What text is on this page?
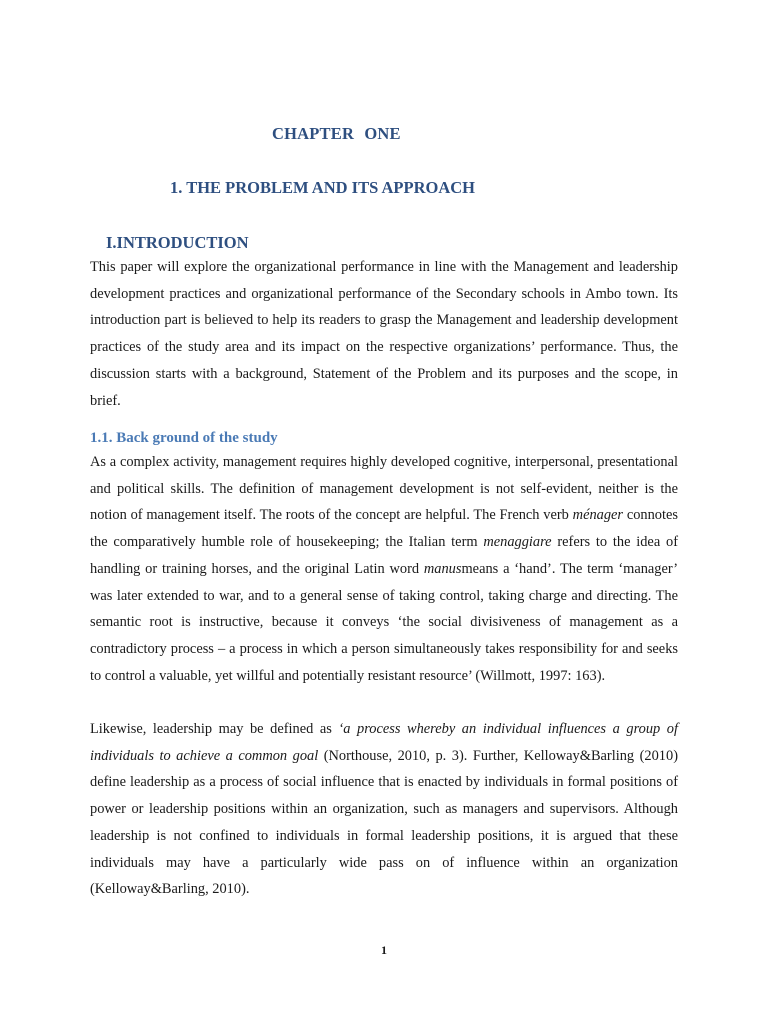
CHAPTER ONE
1. THE PROBLEM AND ITS APPROACH
I.INTRODUCTION

This paper will explore the organizational performance in line with the Management and leadership development practices and organizational performance of the Secondary schools in Ambo town. Its introduction part is believed to help its readers to grasp the Management and leadership development practices of the study area and its impact on the respective organizations’ performance. Thus, the discussion starts with a background, Statement of the Problem and its purposes and the scope, in brief.

1.1. Back ground of the study

As a complex activity, management requires highly developed cognitive, interpersonal, presentational and political skills. The definition of management development is not self-evident, neither is the notion of management itself. The roots of the concept are helpful. The French verb ménager connotes the comparatively humble role of housekeeping; the Italian term menaggiare refers to the idea of handling or training horses, and the original Latin word manusmeans a ‘hand’. The term ‘manager’ was later extended to war, and to a general sense of taking control, taking charge and directing. The semantic root is instructive, because it conveys ‘the social divisiveness of management as a contradictory process – a process in which a person simultaneously takes responsibility for and seeks to control a valuable, yet willful and potentially resistant resource’ (Willmott, 1997: 163).

Likewise, leadership may be defined as ‘a process whereby an individual influences a group of individuals to achieve a common goal (Northouse, 2010, p. 3). Further, Kelloway&Barling (2010) define leadership as a process of social influence that is enacted by individuals in formal positions of power or leadership positions within an organization, such as managers and supervisors. Although leadership is not confined to individuals in formal leadership positions, it is argued that these individuals may have a particularly wide pass on of influence within an organization (Kelloway&Barling, 2010).

1
